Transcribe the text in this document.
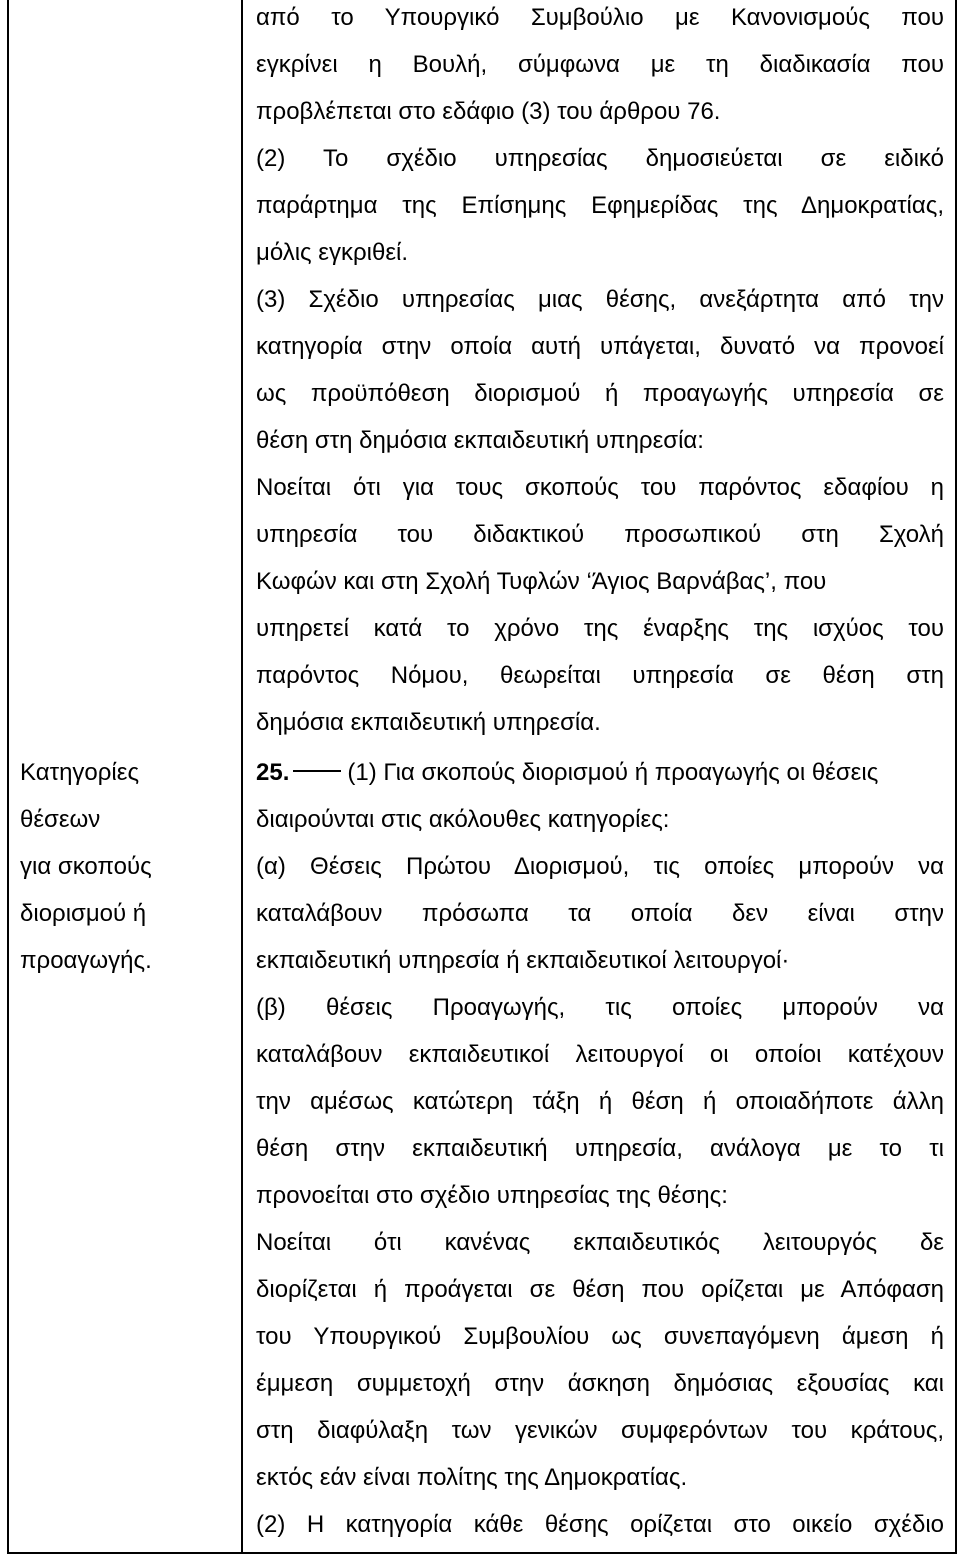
Κατηγορίες
θέσεων
για σκοπούς
διορισμού ή
προαγωγής.
από το Υπουργικό Συμβούλιο με Κανονισμούς που
εγκρίνει η Βουλή, σύμφωνα με τη διαδικασία που
προβλέπεται στο εδάφιο (3) του άρθρου 76.
(2) Το σχέδιο υπηρεσίας δημοσιεύεται σε ειδικό
παράρτημα της Επίσημης Εφημερίδας της Δημοκρατίας,
μόλις εγκριθεί.
(3) Σχέδιο υπηρεσίας μιας θέσης, ανεξάρτητα από την
κατηγορία στην οποία αυτή υπάγεται, δυνατό να προνοεί
ως προϋπόθεση διορισμού ή προαγωγής υπηρεσία σε
θέση στη δημόσια εκπαιδευτική υπηρεσία:
Νοείται ότι για τους σκοπούς του παρόντος εδαφίου η
υπηρεσία του διδακτικού προσωπικού στη Σχολή
Κωφών και στη Σχολή Τυφλών ‘Άγιος Βαρνάβας’, που
υπηρετεί κατά το χρόνο της έναρξης της ισχύος του
παρόντος Νόμου, θεωρείται υπηρεσία σε θέση στη
δημόσια εκπαιδευτική υπηρεσία.
25. (1) Για σκοπούς διορισμού ή προαγωγής οι θέσεις
διαιρούνται στις ακόλουθες κατηγορίες:
(α) Θέσεις Πρώτου Διορισμού, τις οποίες μπορούν να
καταλάβουν πρόσωπα τα οποία δεν είναι στην
εκπαιδευτική υπηρεσία ή εκπαιδευτικοί λειτουργοί·
(β) θέσεις Προαγωγής, τις οποίες μπορούν να
καταλάβουν εκπαιδευτικοί λειτουργοί οι οποίοι κατέχουν
την αμέσως κατώτερη τάξη ή θέση ή οποιαδήποτε άλλη
θέση στην εκπαιδευτική υπηρεσία, ανάλογα με το τι
προνοείται στο σχέδιο υπηρεσίας της θέσης:
Νοείται ότι κανένας εκπαιδευτικός λειτουργός δε
διορίζεται ή προάγεται σε θέση που ορίζεται με Απόφαση
του Υπουργικού Συμβουλίου ως συνεπαγόμενη άμεση ή
έμμεση συμμετοχή στην άσκηση δημόσιας εξουσίας και
στη διαφύλαξη των γενικών συμφερόντων του κράτους,
εκτός εάν είναι πολίτης της Δημοκρατίας.
(2) Η κατηγορία κάθε θέσης ορίζεται στο οικείο σχέδιο
